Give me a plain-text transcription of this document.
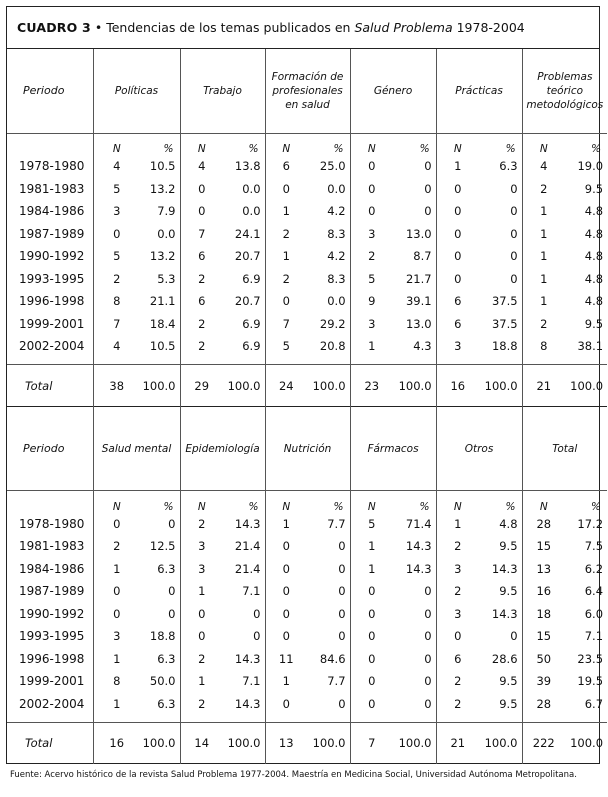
CUADRO 3 • Tendencias de los temas publicados en Salud Problema 1978-2004
Periodo	Políticas		Trabajo		Formación de profesionales en salud		Género		Prácticas		Problemas teórico metodológicos	
	N	%	N	%	N	%	N	%	N	%	N	%
1978-1980	4	10.5	4	13.8	6	25.0	0	0	1	6.3	4	19.0
1981-1983	5	13.2	0	0.0	0	0.0	0	0	0	0	2	9.5
1984-1986	3	7.9	0	0.0	1	4.2	0	0	0	0	1	4.8
1987-1989	0	0.0	7	24.1	2	8.3	3	13.0	0	0	1	4.8
1990-1992	5	13.2	6	20.7	1	4.2	2	8.7	0	0	1	4.8
1993-1995	2	5.3	2	6.9	2	8.3	5	21.7	0	0	1	4.8
1996-1998	8	21.1	6	20.7	0	0.0	9	39.1	6	37.5	1	4.8
1999-2001	7	18.4	2	6.9	7	29.2	3	13.0	6	37.5	2	9.5
2002-2004	4	10.5	2	6.9	5	20.8	1	4.3	3	18.8	8	38.1

Total	38	100.0	29	100.0	24	100.0	23	100.0	16	100.0	21	100.0
Periodo	Salud mental		Epidemiología		Nutrición		Fármacos		Otros		Total	
	N	%	N	%	N	%	N	%	N	%	N	%
1978-1980	0	0	2	14.3	1	7.7	5	71.4	1	4.8	28	17.2
1981-1983	2	12.5	3	21.4	0	0	1	14.3	2	9.5	15	7.5
1984-1986	1	6.3	3	21.4	0	0	1	14.3	3	14.3	13	6.2
1987-1989	0	0	1	7.1	0	0	0	0	2	9.5	16	6.4
1990-1992	0	0	0	0	0	0	0	0	3	14.3	18	6.0
1993-1995	3	18.8	0	0	0	0	0	0	0	0	15	7.1
1996-1998	1	6.3	2	14.3	11	84.6	0	0	6	28.6	50	23.5
1999-2001	8	50.0	1	7.1	1	7.7	0	0	2	9.5	39	19.5
2002-2004	1	6.3	2	14.3	0	0	0	0	2	9.5	28	6.7

Total	16	100.0	14	100.0	13	100.0	7	100.0	21	100.0	222	100.0
Fuente: Acervo histórico de la revista Salud Problema 1977-2004. Maestría en Medicina Social, Universidad Autónoma Metropolitana.
